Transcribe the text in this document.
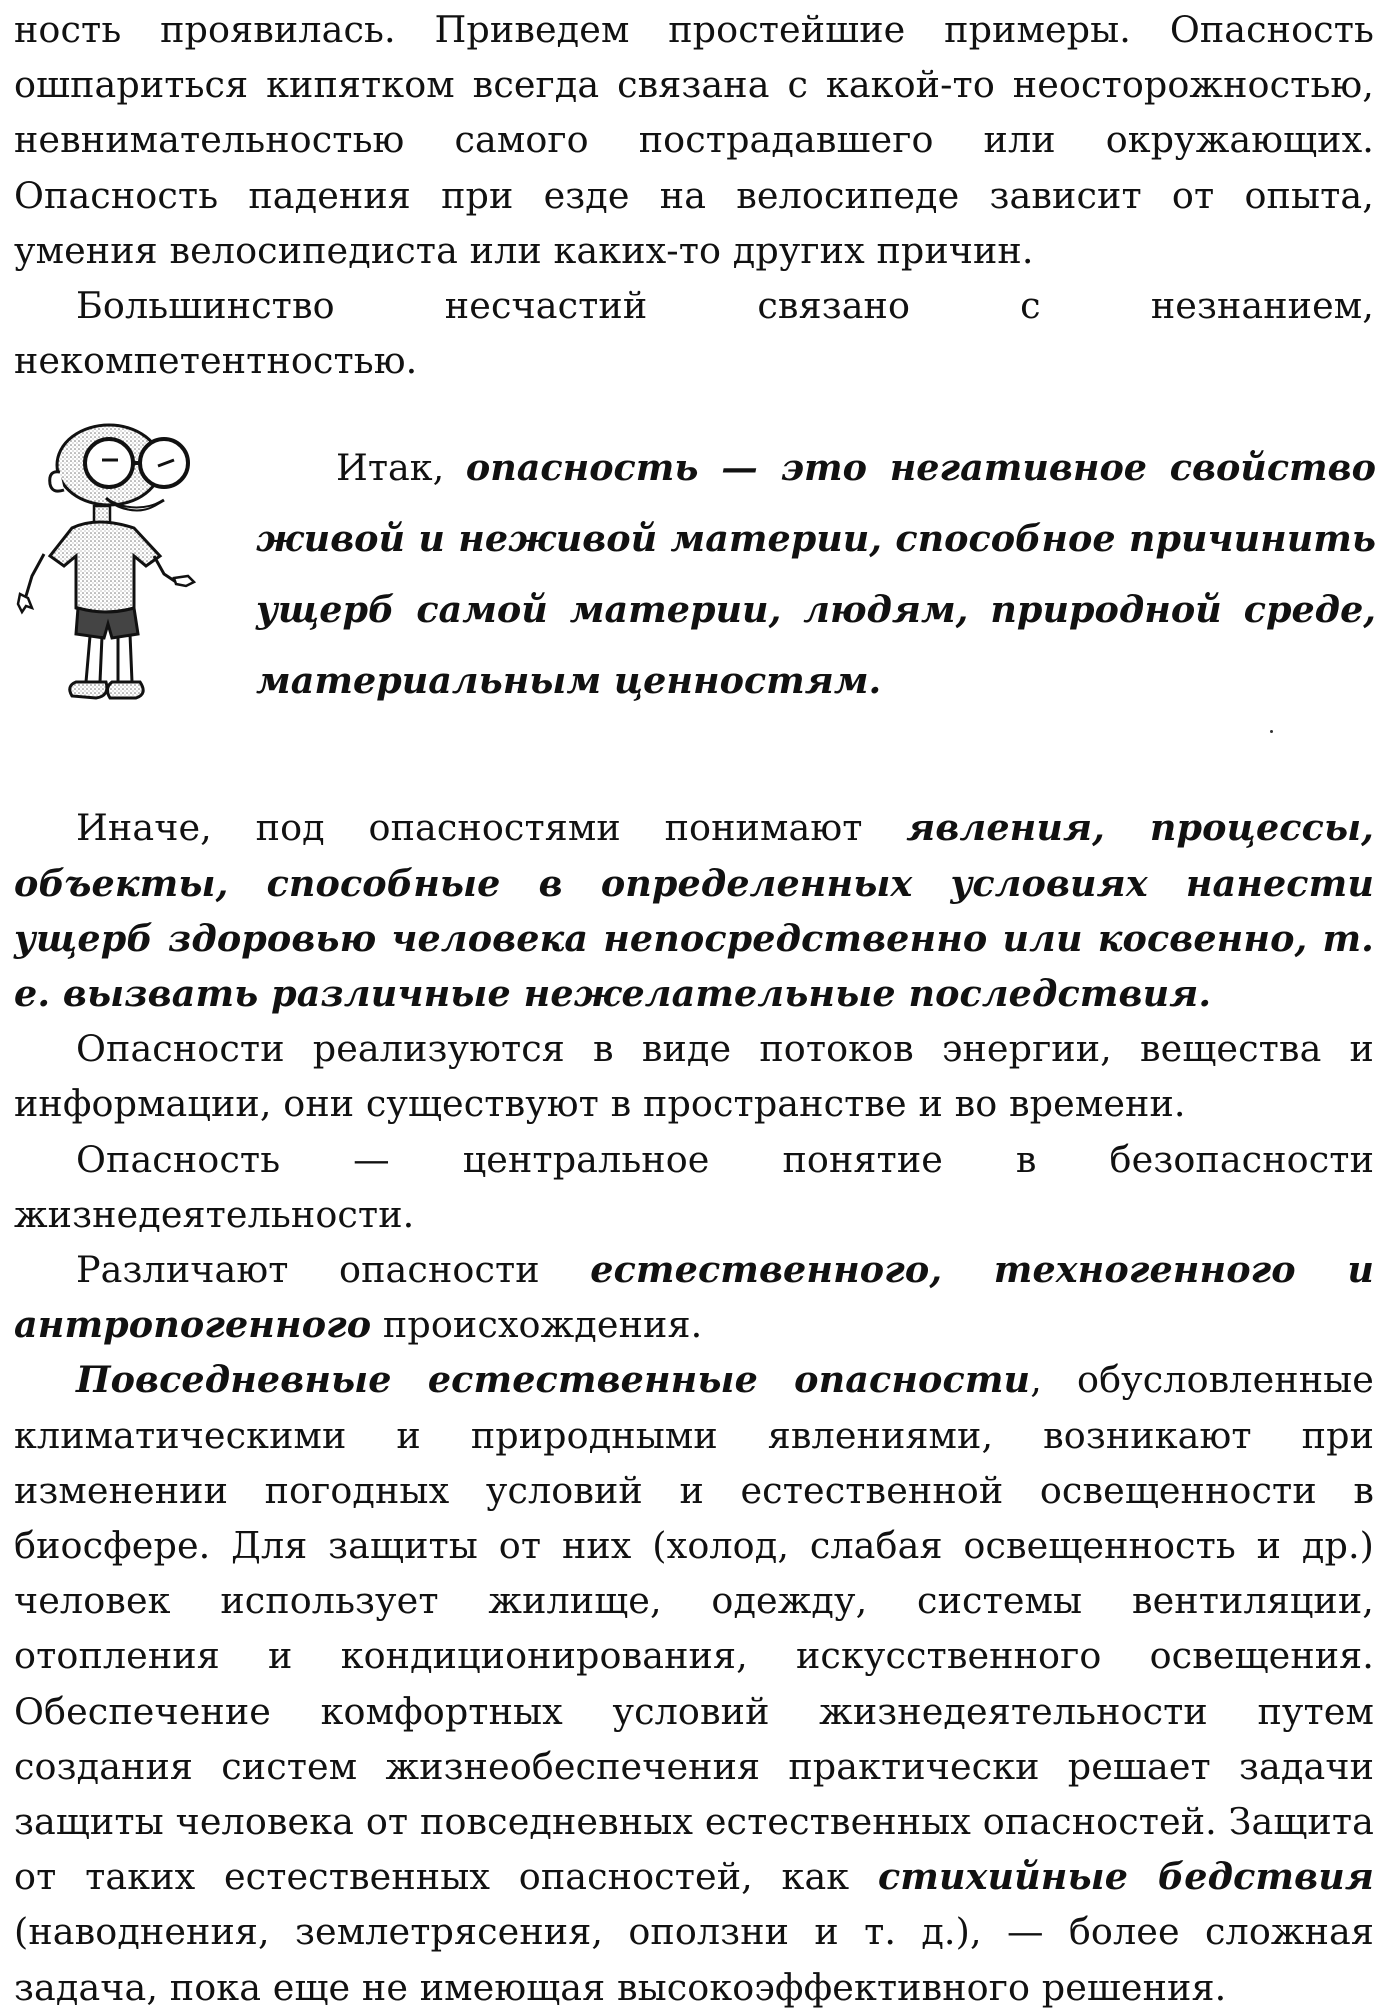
ность проявилась. Приведем простейшие примеры. Опасность ошпариться кипятком всегда связана с какой-то неосторожностью, невнимательностью самого пострадавшего или окружающих. Опасность падения при езде на велосипеде зависит от опыта, умения велосипедиста или каких-то других причин.

Большинство несчастий связано с незнанием, некомпетентностью.

Итак, опасность — это негативное свойство живой и неживой материи, способное причинить ущерб самой материи, людям, природной среде, материальным ценностям.

Иначе, под опасностями понимают явления, процессы, объекты, способные в определенных условиях нанести ущерб здоровью человека непосредственно или косвенно, т. е. вызвать различные нежелательные последствия.

Опасности реализуются в виде потоков энергии, вещества и информации, они существуют в пространстве и во времени.

Опасность — центральное понятие в безопасности жизнедеятельности.

Различают опасности естественного, техногенного и антропогенного происхождения.

Повседневные естественные опасности, обусловленные климатическими и природными явлениями, возникают при изменении погодных условий и естественной освещенности в биосфере. Для защиты от них (холод, слабая освещенность и др.) человек использует жилище, одежду, системы вентиляции, отопления и кондиционирования, искусственного освещения. Обеспечение комфортных условий жизнедеятельности путем создания систем жизнеобеспечения практически решает задачи защиты человека от повседневных естественных опасностей. Защита от таких естественных опасностей, как стихийные бедствия (наводнения, землетрясения, оползни и т. д.), — более сложная задача, пока еще не имеющая высокоэффективного решения.
